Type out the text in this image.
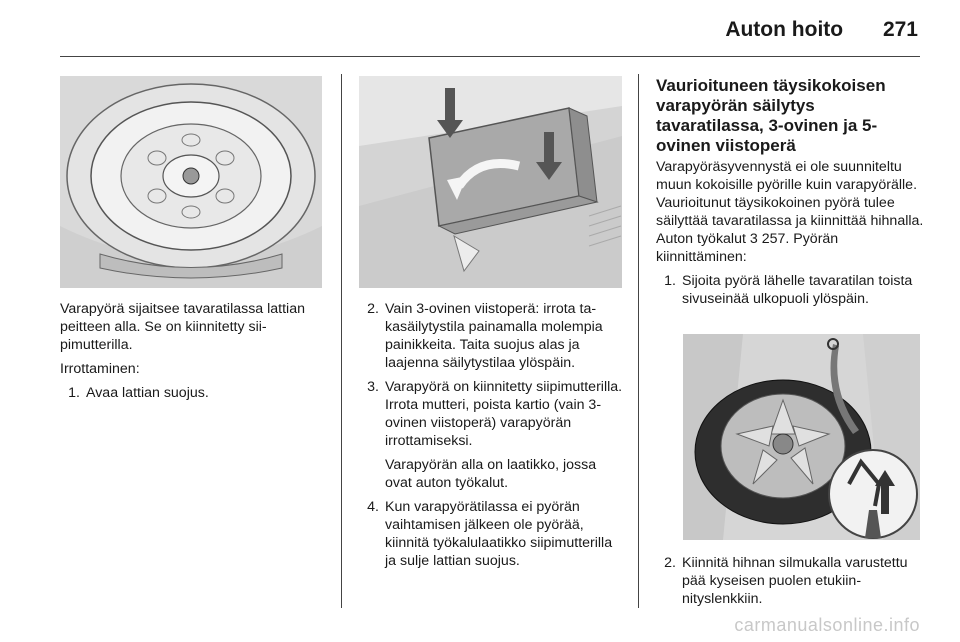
Auton hoito 271

Varapyörä sijaitsee tavaratilassa lattian peitteen alla. Se on kiinnitetty siipimutterilla.

Irrottaminen:

1. Avaa lattian suojus.
2. Vain 3-ovinen viistoperä: irrota takasäilytystila painamalla molempia painikkeita. Taita suojus alas ja laajenna säilytystilaa ylöspäin.
3. Varapyörä on kiinnitetty siipimutterilla. Irrota mutteri, poista kartio (vain 3-ovinen viistoperä) varapyörän irrottamiseksi.

Varapyörän alla on laatikko, jossa ovat auton työkalut.

4. Kun varapyörätilassa ei pyörän vaihtamisen jälkeen ole pyörää, kiinnitä työkalulaatikko siipimutterilla ja sulje lattian suojus.
Vaurioituneen täysikokoisen varapyörän säilytys tavaratilassa, 3-ovinen ja 5-ovinen viistoperä

Varapyöräsyvennystä ei ole suunniteltu muun kokoisille pyörille kuin varapyörälle. Vaurioitunut täysikokoinen pyörä tulee säilyttää tavaratilassa ja kiinnittää hihnalla. Auton työkalut 3 257. Pyörän kiinnittäminen:

1. Sijoita pyörä lähelle tavaratilan toista sivuseinää ulkopuoli ylöspäin.
2. Kiinnitä hihnan silmukalla varustettu pää kyseisen puolen etukiinnityslenkkiin.
carmanualsonline.info
